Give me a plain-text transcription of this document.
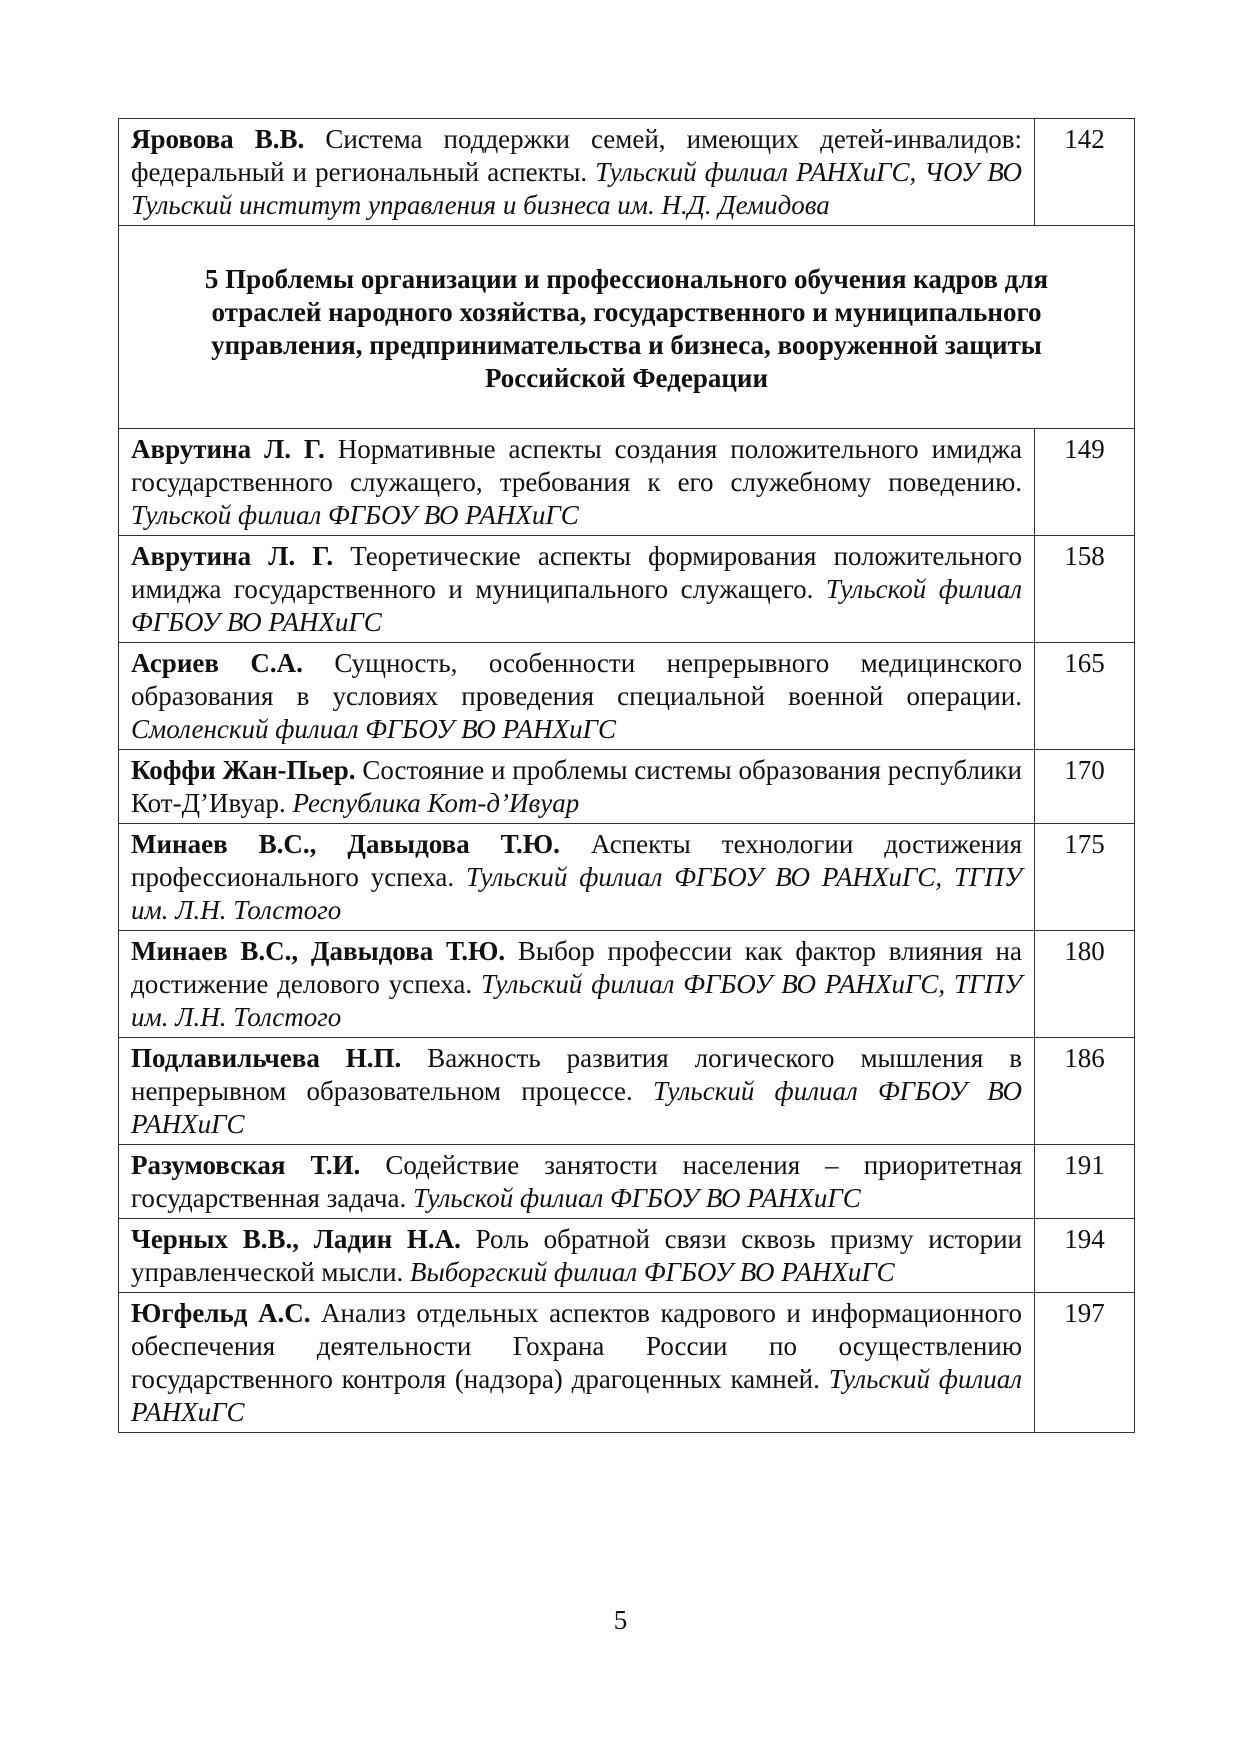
Яровова В.В. Система поддержки семей, имеющих детей-инвалидов: федеральный и региональный аспекты. Тульский филиал РАНХиГС, ЧОУ ВО Тульский институт управления и бизнеса им. Н.Д. Демидова	142

5 Проблемы организации и профессионального обучения кадров для отраслей народного хозяйства, государственного и муниципального управления, предпринимательства и бизнеса, вооруженной защиты Российской Федерации	

Аврутина Л. Г. Нормативные аспекты создания положительного имиджа государственного служащего, требования к его служебному поведению. Тульской филиал ФГБОУ ВО РАНХиГС	149
Аврутина Л. Г. Теоретические аспекты формирования положительного имиджа государственного и муниципального служащего. Тульской филиал ФГБОУ ВО РАНХиГС	158
Асриев С.А. Сущность, особенности непрерывного медицинского образования в условиях проведения специальной военной операции. Смоленский филиал ФГБОУ ВО РАНХиГС	165
Коффи Жан-Пьер. Состояние и проблемы системы образования республики Кот-Д’Ивуар. Республика Кот-д’Ивуар	170
Минаев В.С., Давыдова Т.Ю. Аспекты технологии достижения профессионального успеха. Тульский филиал ФГБОУ ВО РАНХиГС, ТГПУ им. Л.Н. Толстого	175
Минаев В.С., Давыдова Т.Ю. Выбор профессии как фактор влияния на достижение делового успеха. Тульский филиал ФГБОУ ВО РАНХиГС, ТГПУ им. Л.Н. Толстого	180
Подлавильчева Н.П. Важность развития логического мышления в непрерывном образовательном процессе. Тульский филиал ФГБОУ ВО РАНХиГС	186
Разумовская Т.И. Содействие занятости населения – приоритетная государственная задача. Тульской филиал ФГБОУ ВО РАНХиГС	191
Черных В.В., Ладин Н.А. Роль обратной связи сквозь призму истории управленческой мысли. Выборгский филиал ФГБОУ ВО РАНХиГС	194
Югфельд А.С. Анализ отдельных аспектов кадрового и информационного обеспечения деятельности Гохрана России по осуществлению государственного контроля (надзора) драгоценных камней. Тульский филиал РАНХиГС	197
5
